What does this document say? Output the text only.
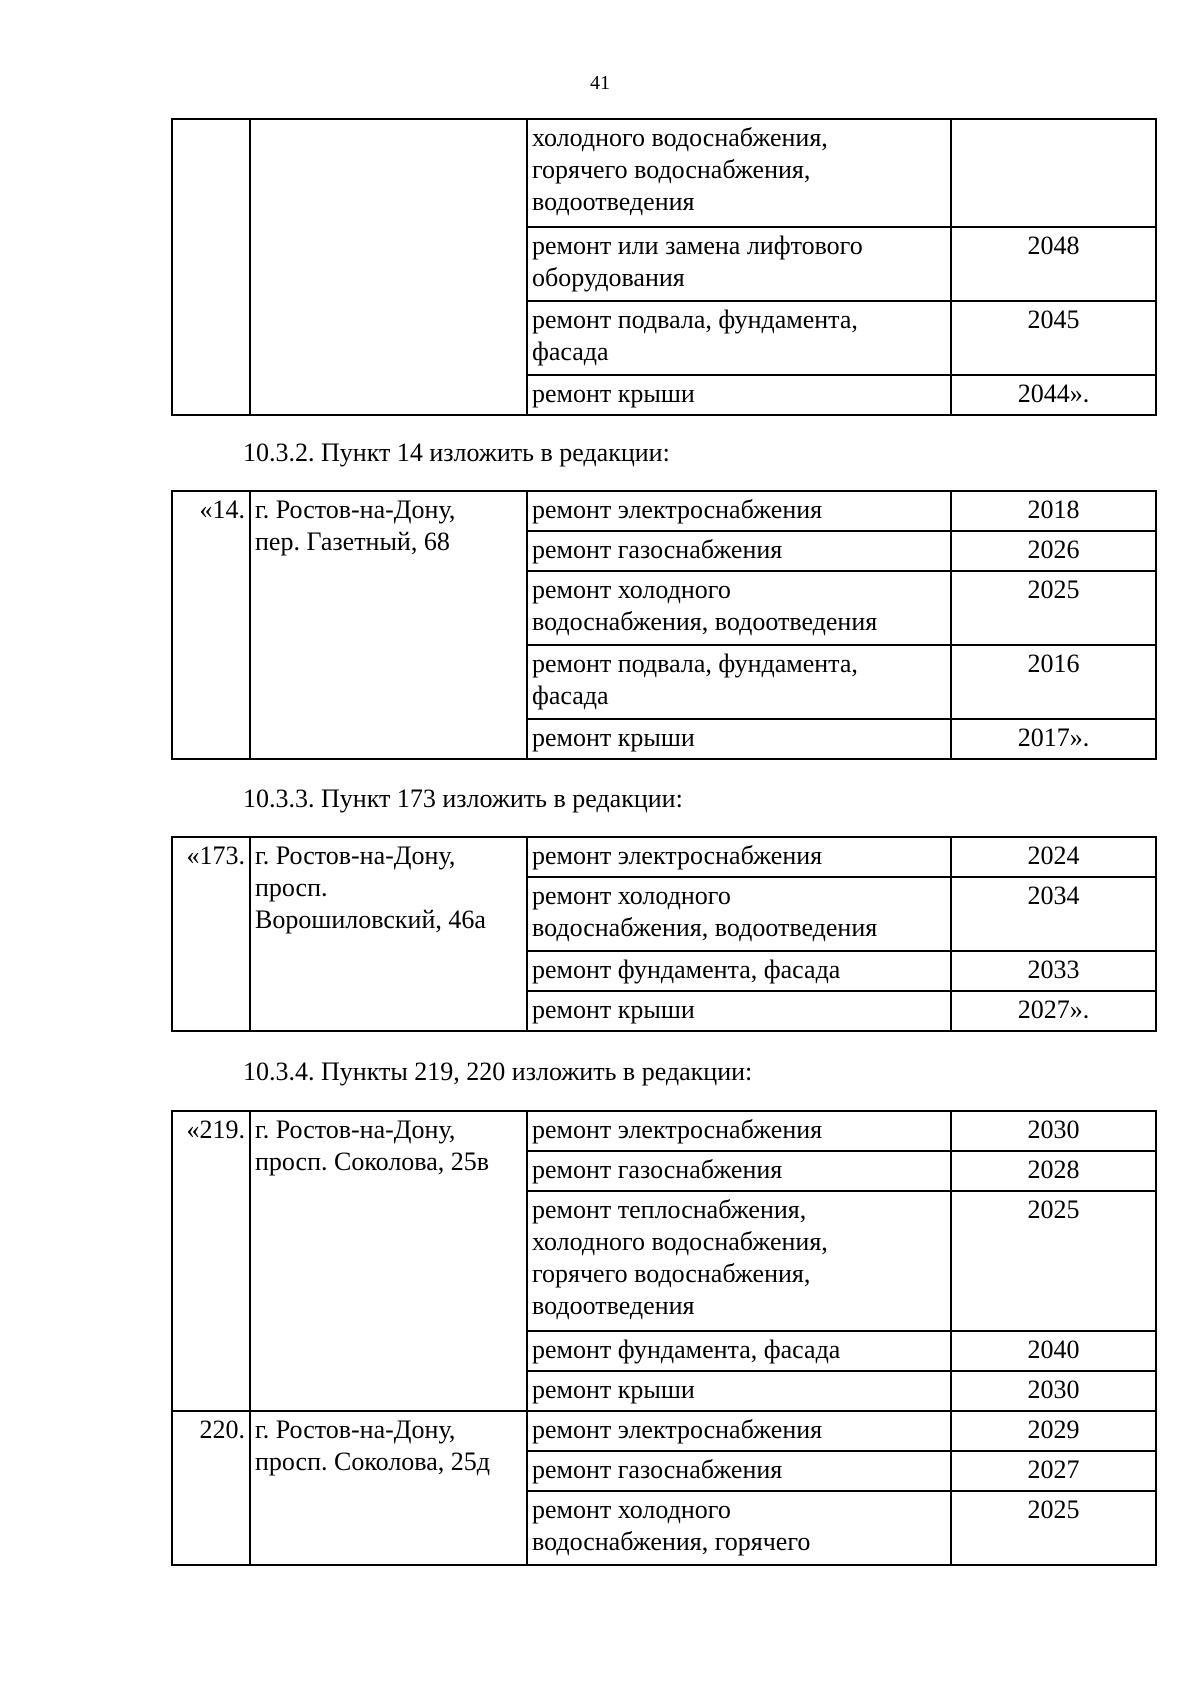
41
		холодного водоснабжения,
горячего водоснабжения,
водоотведения	
		ремонт или замена лифтового
оборудования	2048
		ремонт подвала, фундамента,
фасада	2045
		ремонт крыши	2044».
10.3.2. Пункт 14 изложить в редакции:
«14.	г. Ростов-на-Дону,
пер. Газетный, 68	ремонт электроснабжения	2018
		ремонт газоснабжения	2026
		ремонт холодного
водоснабжения, водоотведения	2025
		ремонт подвала, фундамента,
фасада	2016
		ремонт крыши	2017».
10.3.3. Пункт 173 изложить в редакции:
«173.	г. Ростов-на-Дону,
просп.
Ворошиловский, 46а	ремонт электроснабжения	2024
		ремонт холодного
водоснабжения, водоотведения	2034
		ремонт фундамента, фасада	2033
		ремонт крыши	2027».
10.3.4. Пункты 219, 220 изложить в редакции:
«219.	г. Ростов-на-Дону,
просп. Соколова, 25в	ремонт электроснабжения	2030
		ремонт газоснабжения	2028
		ремонт теплоснабжения,
холодного водоснабжения,
горячего водоснабжения,
водоотведения	2025
		ремонт фундамента, фасада	2040
		ремонт крыши	2030
220.	г. Ростов-на-Дону,
просп. Соколова, 25д	ремонт электроснабжения	2029
		ремонт газоснабжения	2027
		ремонт холодного
водоснабжения, горячего	2025
